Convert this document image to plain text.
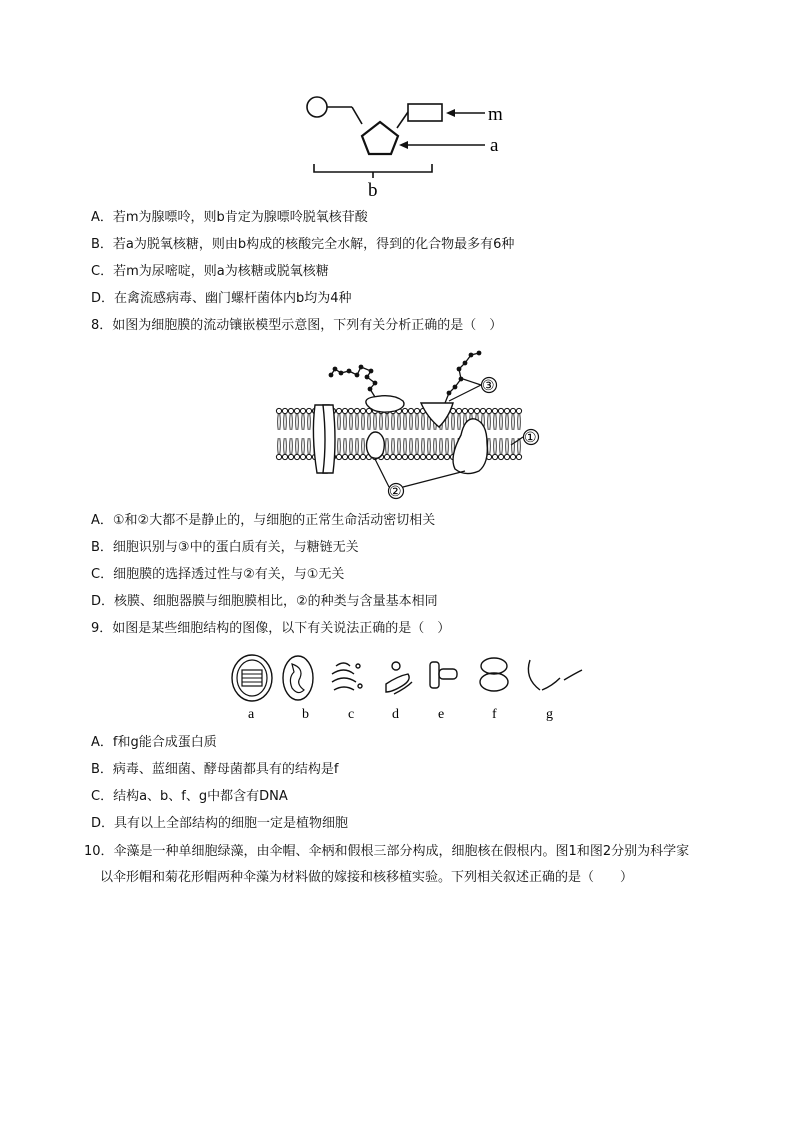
m
a
b
A．若m为腺嘌呤，则b肯定为腺嘌呤脱氧核苷酸
B．若a为脱氧核糖，则由b构成的核酸完全水解，得到的化合物最多有6种
C．若m为尿嘧啶，则a为核糖或脱氧核糖
D．在禽流感病毒、幽门螺杆菌体内b均为4种
8．如图为细胞膜的流动镶嵌模型示意图，下列有关分析正确的是（　）
②
③
①
A．①和②大都不是静止的，与细胞的正常生命活动密切相关
B．细胞识别与③中的蛋白质有关，与糖链无关
C．细胞膜的选择透过性与②有关，与①无关
D．核膜、细胞器膜与细胞膜相比，②的种类与含量基本相同
9．如图是某些细胞结构的图像，以下有关说法正确的是（　）
a	b	c	d	e	f	g
A．f和g能合成蛋白质
B．病毒、蓝细菌、酵母菌都具有的结构是f
C．结构a、b、f、g中都含有DNA
D．具有以上全部结构的细胞一定是植物细胞
10．伞藻是一种单细胞绿藻，由伞帽、伞柄和假根三部分构成，细胞核在假根内。图1和图2分别为科学家
以伞形帽和菊花形帽两种伞藻为材料做的嫁接和核移植实验。下列相关叙述正确的是（　　）
